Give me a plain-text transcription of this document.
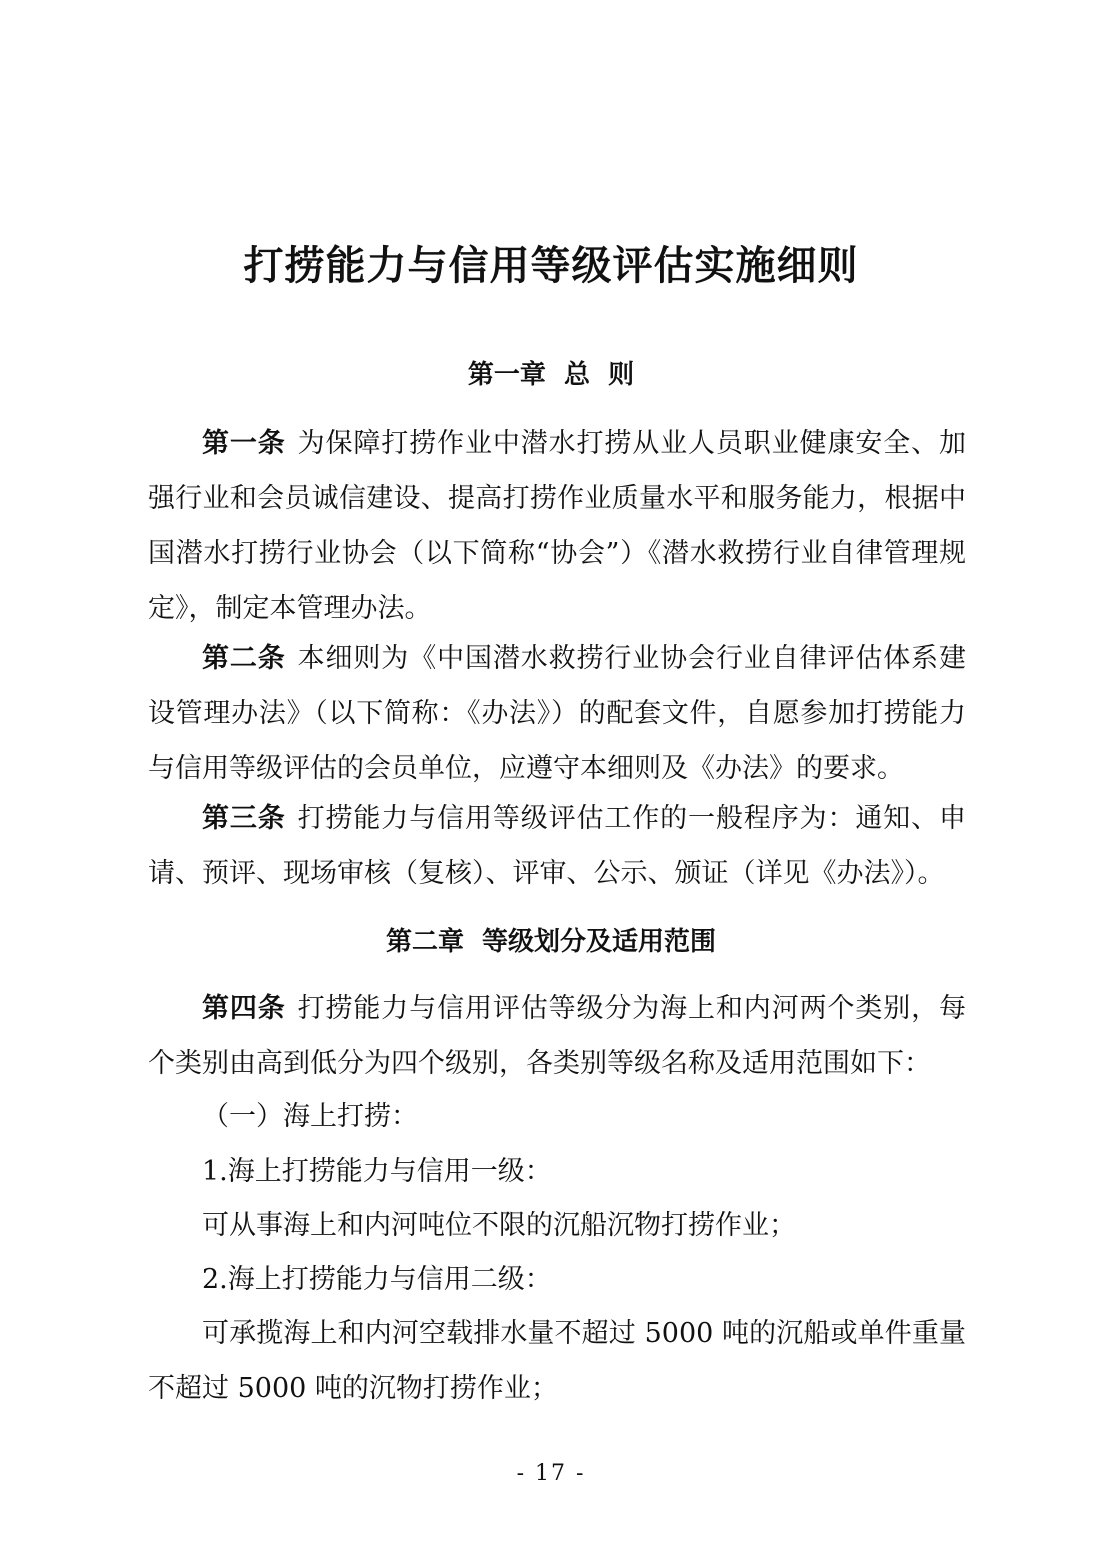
打捞能力与信用等级评估实施细则
第一章  总  则

第一条 为保障打捞作业中潜水打捞从业人员职业健康安全、加强行业和会员诚信建设、提高打捞作业质量水平和服务能力，根据中国潜水打捞行业协会（以下简称“协会”）《潜水救捞行业自律管理规定》，制定本管理办法。

第二条 本细则为《中国潜水救捞行业协会行业自律评估体系建设管理办法》（以下简称：《办法》）的配套文件，自愿参加打捞能力与信用等级评估的会员单位，应遵守本细则及《办法》的要求。

第三条 打捞能力与信用等级评估工作的一般程序为：通知、申请、预评、现场审核（复核）、评审、公示、颁证（详见《办法》）。

第二章  等级划分及适用范围

第四条 打捞能力与信用评估等级分为海上和内河两个类别，每个类别由高到低分为四个级别，各类别等级名称及适用范围如下：

（一）海上打捞：

1.海上打捞能力与信用一级：

可从事海上和内河吨位不限的沉船沉物打捞作业；

2.海上打捞能力与信用二级：

可承揽海上和内河空载排水量不超过 5000 吨的沉船或单件重量不超过 5000 吨的沉物打捞作业；

- 17 -
